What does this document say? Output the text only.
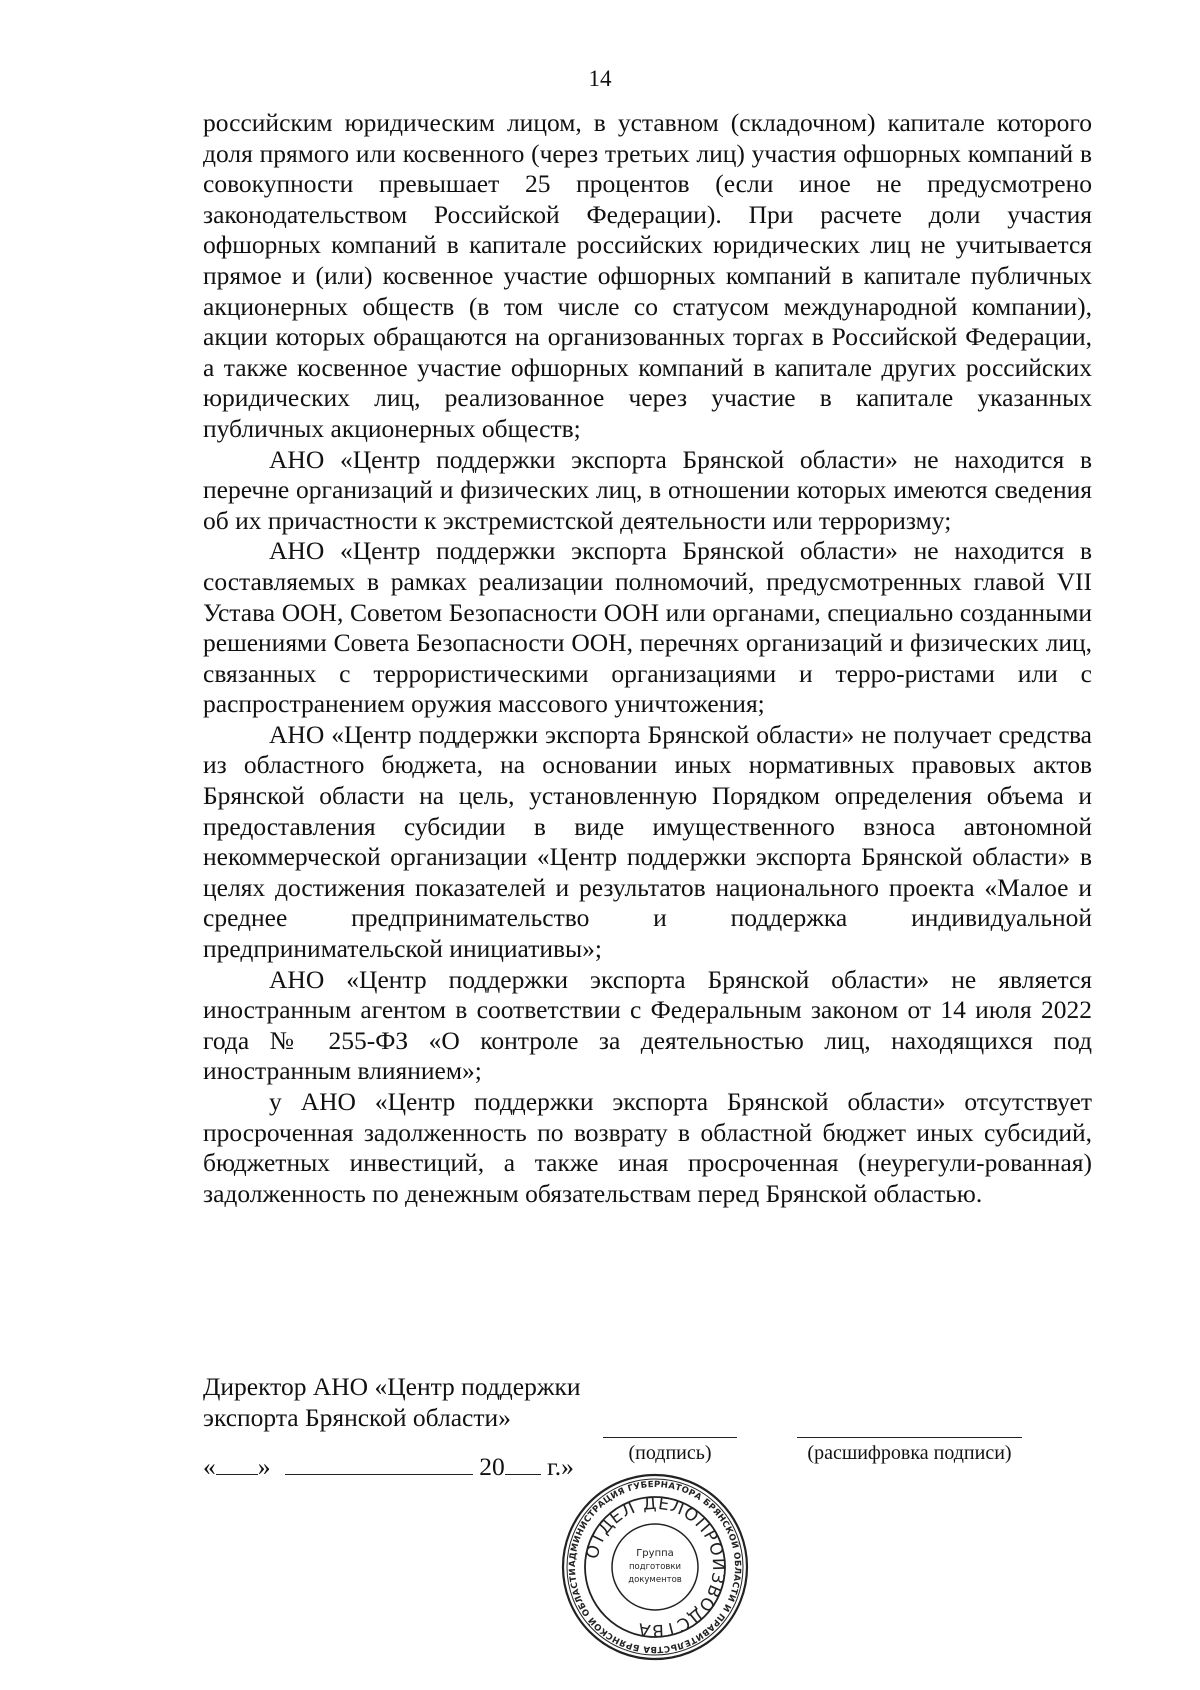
14

российским юридическим лицом, в уставном (складочном) капитале которого доля прямого или косвенного (через третьих лиц) участия офшорных компаний в совокупности превышает 25 процентов (если иное не предусмотрено законодательством Российской Федерации). При расчете доли участия офшорных компаний в капитале российских юридических лиц не учитывается прямое и (или) косвенное участие офшорных компаний в капитале публичных акционерных обществ (в том числе со статусом международной компании), акции которых обращаются на организованных торгах в Российской Федерации, а также косвенное участие офшорных компаний в капитале других российских юридических лиц, реализованное через участие в капитале указанных публичных акционерных обществ;

АНО «Центр поддержки экспорта Брянской области» не находится в перечне организаций и физических лиц, в отношении которых имеются сведения об их причастности к экстремистской деятельности или терроризму;

АНО «Центр поддержки экспорта Брянской области» не находится в составляемых в рамках реализации полномочий, предусмотренных главой VII Устава ООН, Советом Безопасности ООН или органами, специально созданными решениями Совета Безопасности ООН, перечнях организаций и физических лиц, связанных с террористическими организациями и терро-ристами или с распространением оружия массового уничтожения;

АНО «Центр поддержки экспорта Брянской области» не получает средства из областного бюджета, на основании иных нормативных правовых актов Брянской области на цель, установленную Порядком определения объема и предоставления субсидии в виде имущественного взноса автономной некоммерческой организации «Центр поддержки экспорта Брянской области» в целях достижения показателей и результатов национального проекта «Малое и среднее предпринимательство и поддержка индивидуальной предпринимательской инициативы»;

АНО «Центр поддержки экспорта Брянской области» не является иностранным агентом в соответствии с Федеральным законом от 14 июля 2022 года № 255-ФЗ «О контроле за деятельностью лиц, находящихся под иностранным влиянием»;

у АНО «Центр поддержки экспорта Брянской области» отсутствует просроченная задолженность по возврату в областной бюджет иных субсидий, бюджетных инвестиций, а также иная просроченная (неурегули-рованная) задолженность по денежным обязательствам перед Брянской областью.

Директор АНО «Центр поддержки
экспорта Брянской области»
(подпись)	(расшифровка подписи)
« »	20 г.»
АДМИНИСТРАЦИЯ ГУБЕРНАТОРА БРЯНСКОЙ ОБЛАСТИ И ПРАВИТЕЛЬСТВА БРЯНСКОЙ ОБЛАСТИ
ОТДЕЛ ДЕЛОПРОИЗВОДСТВА
Группа
подготовки
документов
